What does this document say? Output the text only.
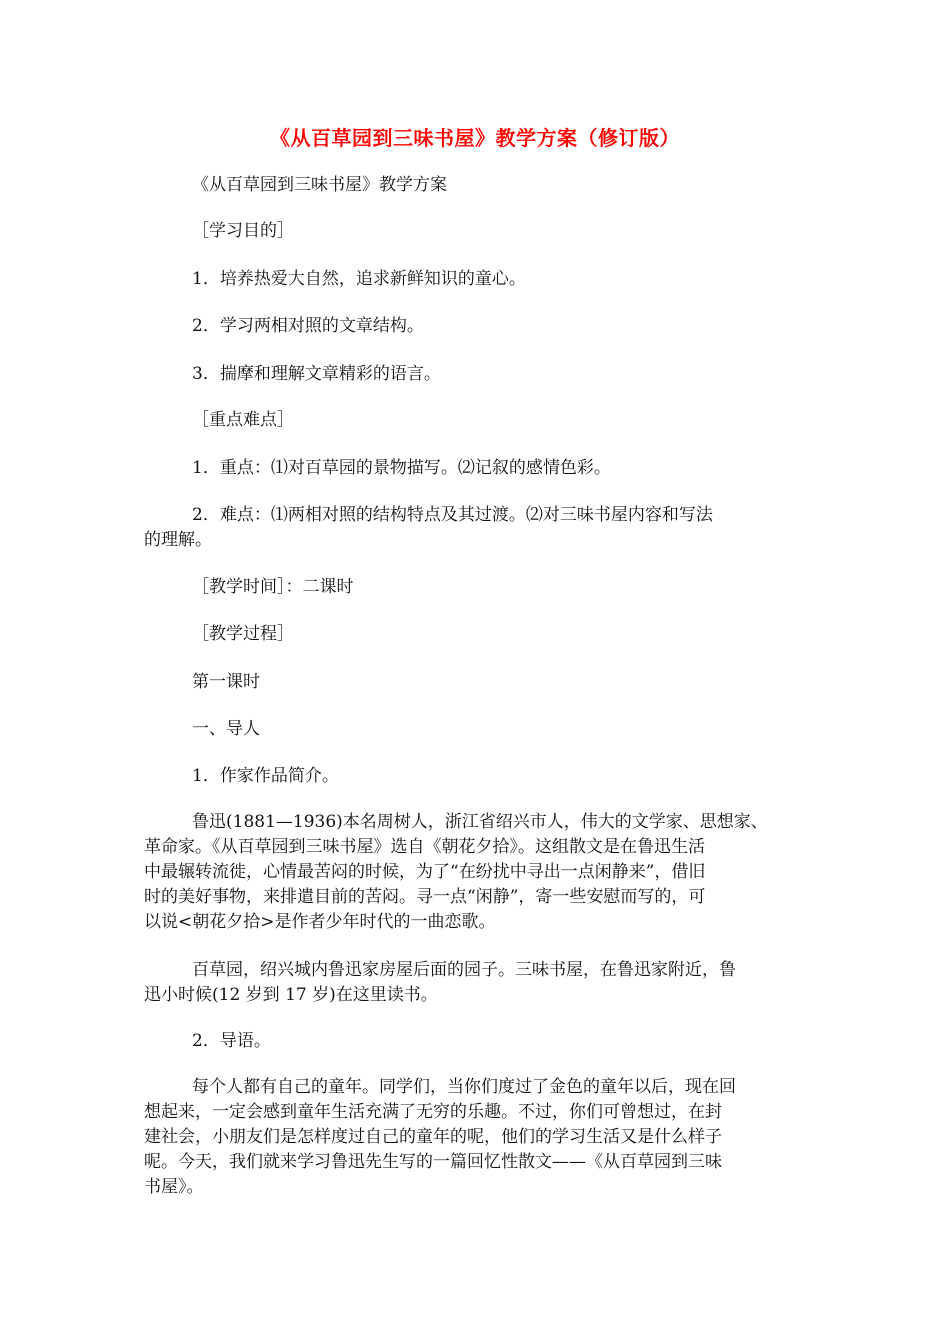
《从百草园到三味书屋》教学方案（修订版）
《从百草园到三味书屋》教学方案
［学习目的］
1．培养热爱大自然，追求新鲜知识的童心。
2．学习两相对照的文章结构。
3．揣摩和理解文章精彩的语言。
［重点难点］
1．重点：⑴对百草园的景物描写。⑵记叙的感情色彩。
2．难点：⑴两相对照的结构特点及其过渡。⑵对三味书屋内容和写法
的理解。
［教学时间］：二课时
［教学过程］
第一课时
一、导人
1．作家作品简介。
鲁迅(1881—1936)本名周树人，浙江省绍兴市人，伟大的文学家、思想家、
革命家。《从百草园到三味书屋》选自《朝花夕拾》。这组散文是在鲁迅生活
中最辗转流徙，心情最苦闷的时候，为了“在纷扰中寻出一点闲静来”，借旧
时的美好事物，来排遣目前的苦闷。寻一点“闲静”，寄一些安慰而写的，可
以说<朝花夕拾>是作者少年时代的一曲恋歌。
百草园，绍兴城内鲁迅家房屋后面的园子。三味书屋，在鲁迅家附近，鲁
迅小时候(12 岁到 17 岁)在这里读书。
2．导语。
每个人都有自己的童年。同学们，当你们度过了金色的童年以后，现在回
想起来，一定会感到童年生活充满了无穷的乐趣。不过，你们可曾想过，在封
建社会，小朋友们是怎样度过自己的童年的呢，他们的学习生活又是什么样子
呢。今天，我们就来学习鲁迅先生写的一篇回忆性散文——《从百草园到三味
书屋》。
